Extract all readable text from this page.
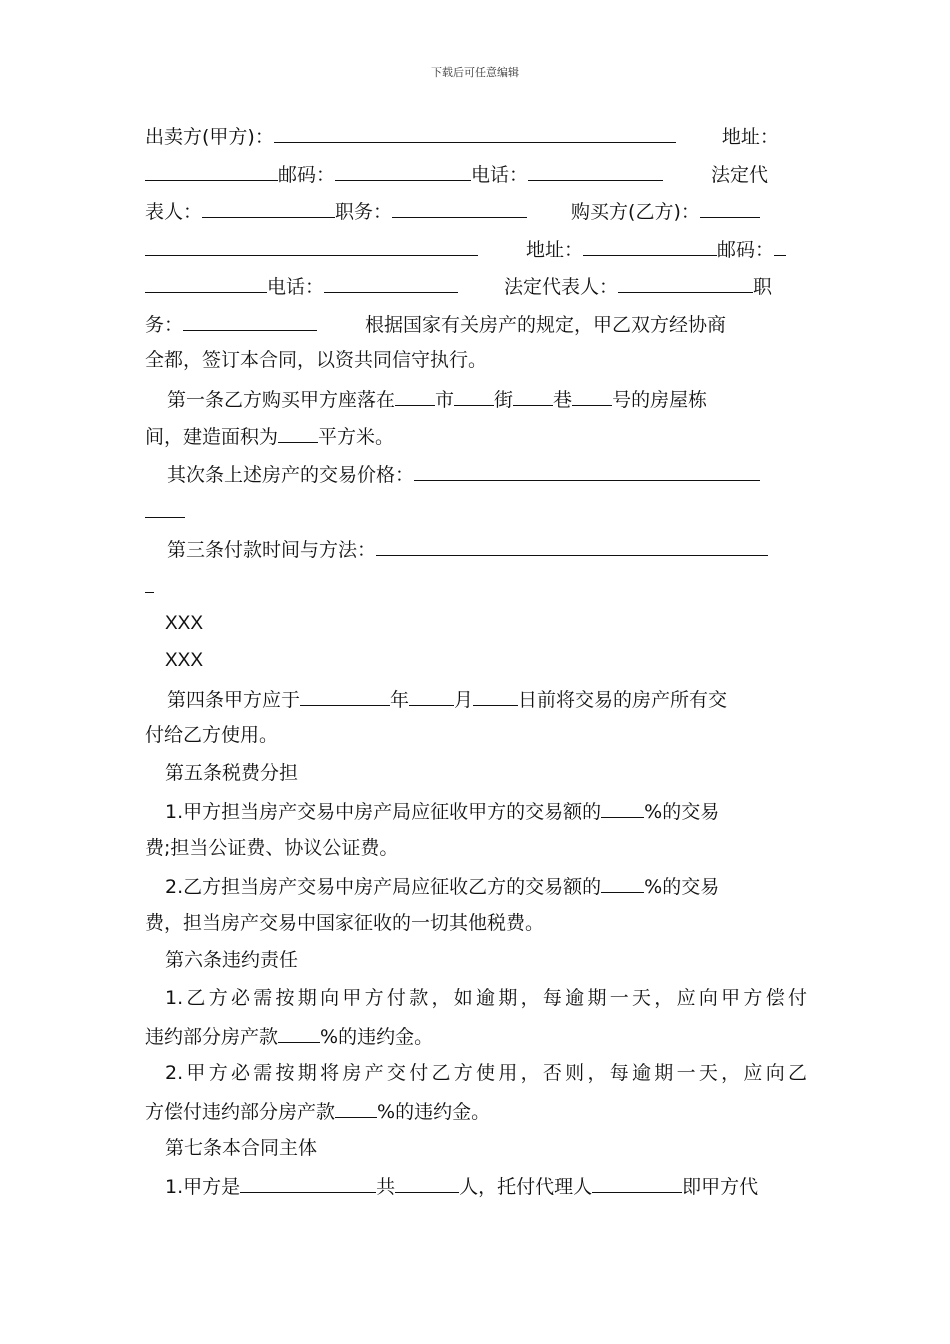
下载后可任意编辑
出卖方(甲方)：	地址：
邮码：	电话：	法定代
表人：	职务：	购买方(乙方)：
地址：	邮码：
电话：	法定代表人：	职
务：	根据国家有关房产的规定，甲乙双方经协商
全都，签订本合同，以资共同信守执行。
第一条乙方购买甲方座落在 市 街 巷 号的房屋栋
间，建造面积为 平方米。
其次条上述房产的交易价格：
第三条付款时间与方法：
XXX
XXX
第四条甲方应于	年 月 日前将交易的房产所有交
付给乙方使用。
第五条税费分担
1.甲方担当房产交易中房产局应征收甲方的交易额的 %的交易
费;担当公证费、协议公证费。
2.乙方担当房产交易中房产局应征收乙方的交易额的 %的交易
费，担当房产交易中国家征收的一切其他税费。
第六条违约责任
1.乙方必需按期向甲方付款，如逾期，每逾期一天，应向甲方偿付
违约部分房产款 %的违约金。
2.甲方必需按期将房产交付乙方使用，否则，每逾期一天，应向乙
方偿付违约部分房产款 %的违约金。
第七条本合同主体
1.甲方是	共	人，托付代理人	即甲方代
